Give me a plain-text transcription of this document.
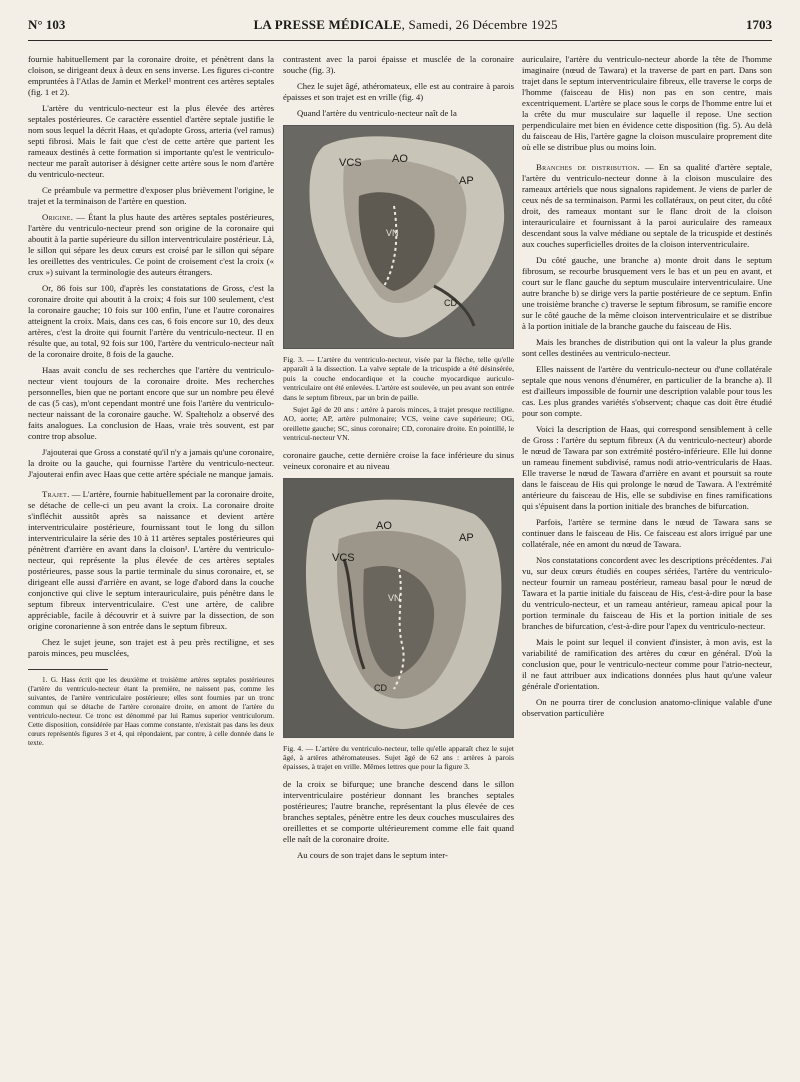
N° 103	LA PRESSE MÉDICALE, Samedi, 26 Décembre 1925	1703

fournie habituellement par la coronaire droite, et pénètrent dans la cloison, se dirigeant deux à deux en sens inverse. Les figures ci-contre empruntées à l'Atlas de Jamin et Merkel¹ montrent ces artères septales (fig. 1 et 2).

L'artère du ventriculo-necteur est la plus élevée des artères septales postérieures. Ce caractère essentiel d'artère septale justifie le nom sous lequel la décrit Haas, et qu'adopte Gross, arteria (vel ramus) septi fibrosi. Mais le fait que c'est de cette artère que partent les rameaux destinés à cette formation si importante qu'est le ventriculo-necteur me paraît autoriser à désigner cette artère sous le nom d'artère du ventriculo-necteur.

Ce préambule va permettre d'exposer plus brièvement l'origine, le trajet et la terminaison de l'artère en question.

Origine. — Étant la plus haute des artères septales postérieures, l'artère du ventriculo-necteur prend son origine de la coronaire qui aboutit à la partie supérieure du sillon interventriculaire postérieur. Là, le sillon qui sépare les deux cœurs est croisé par le sillon qui sépare les oreillettes des ventricules. Ce point de croisement c'est la croix (« crux ») suivant la terminologie des auteurs étrangers.

Or, 86 fois sur 100, d'après les constatations de Gross, c'est la coronaire droite qui aboutit à la croix; 4 fois sur 100 seulement, c'est la coronaire gauche; 10 fois sur 100 enfin, l'une et l'autre coronaires atteignent la croix. Mais, dans ces cas, 6 fois encore sur 10, des deux artères, c'est la droite qui fournit l'artère du ventriculo-necteur. Il en résulte que, au total, 92 fois sur 100, l'artère du ventriculo-necteur naît de la coronaire droite, 8 fois de la gauche.

Haas avait conclu de ses recherches que l'artère du ventriculo-necteur vient toujours de la coronaire droite. Mes recherches personnelles, bien que ne portant encore que sur un nombre peu élevé de cas (5 cas), m'ont cependant montré une fois l'artère du ventriculo-necteur naissant de la coronaire gauche. W. Spalteholz a observé des faits analogues. La conclusion de Haas, vraie très souvent, est par contre trop absolue.

J'ajouterai que Gross a constaté qu'il n'y a jamais qu'une coronaire, la droite ou la gauche, qui fournisse l'artère du ventriculo-necteur. J'ajouterai enfin avec Haas que cette artère spéciale ne manque jamais.

Trajet. — L'artère, fournie habituellement par la coronaire droite, se détache de celle-ci un peu avant la croix. La coronaire droite s'infléchit aussitôt après sa naissance et devient artère interventriculaire postérieure, fournissant tout le long du sillon interventriculaire la série des 10 à 11 artères septales postérieures qui pénètrent d'arrière en avant dans la cloison¹. L'artère du ventriculo-necteur, qui représente la plus élevée de ces artères septales postérieures, passe sous la partie terminale du sinus coronaire, et, se dirigeant elle aussi d'arrière en avant, se loge d'abord dans la couche conjonctive qui clive le septum interauriculaire, puis pénètre dans le septum fibreux interventriculaire. C'est une artère, de calibre appréciable, facile à découvrir et à suivre par la dissection, de son origine coronarienne à son entrée dans le septum fibreux.

Chez le sujet jeune, son trajet est à peu près rectiligne, et ses parois minces, peu musclées,

1. G. Hass écrit que les deuxième et troisième artères septales postérieures (l'artère du ventriculo-necteur étant la première, ne naissent pas, comme les suivantes, de l'artère ventriculaire postérieure; elles sont fournies par un tronc commun qui se détache de l'artère coronaire droite, en amont de l'artère du ventriculo-necteur. Ce tronc est dénommé par lui Ramus superior ventriculorum. Cette disposition, considérée par Haas comme constante, n'existait pas dans les deux cœurs représentés figures 3 et 4, qui répondaient, par contre, à celle donnée dans le texte.

contrastent avec la paroi épaisse et musclée de la coronaire souche (fig. 3).

Chez le sujet âgé, athéromateux, elle est au contraire à parois épaisses et son trajet est en vrille (fig. 4)

Quand l'artère du ventriculo-necteur naît de la

VCS	AO
AP
VN
CD
Fig. 3. — L'artère du ventriculo-necteur, visée par la flèche, telle qu'elle apparaît à la dissection. La valve septale de la tricuspide a été désinsérée, puis la couche endocardique et la couche myocardique auriculo-ventriculaire ont été enlevées. L'artère est soulevée, un peu avant son entrée dans le septum fibreux, par un brin de paille.
Sujet âgé de 20 ans : artère à parois minces, à trajet presque rectiligne. AO, aorte; AP, artère pulmonaire; VCS, veine cave supérieure; OG, oreillette gauche; SC, sinus coronaire; CD, coronaire droite. En pointillé, le ventricul-necteur VN.

coronaire gauche, cette dernière croise la face inférieure du sinus veineux coronaire et au niveau

AO
VCS
AP
VN
CD
Fig. 4. — L'artère du ventriculo-necteur, telle qu'elle apparaît chez le sujet âgé, à artères athéromateuses. Sujet âgé de 62 ans : artères à parois épaisses, à trajet en vrille. Mêmes lettres que pour la figure 3.

de la croix se bifurque; une branche descend dans le sillon interventriculaire postérieur donnant les branches septales postérieures; l'autre branche, représentant la plus élevée de ces branches septales, pénètre entre les deux couches musculaires des oreillettes et se comporte ultérieurement comme elle fait quand elle naît de la coronaire droite.

Au cours de son trajet dans le septum inter-

auriculaire, l'artère du ventriculo-necteur aborde la tête de l'homme imaginaire (nœud de Tawara) et la traverse de part en part. Dans son trajet dans le septum interventriculaire fibreux, elle traverse le corps de l'homme (faisceau de His) non pas en son centre, mais excentriquement. L'artère se place sous le corps de l'homme entre lui et la crête du mur musculaire sur laquelle il repose. Une section perpendiculaire met bien en évidence cette disposition (fig. 5). Au delà du faisceau de His, l'artère gagne la cloison musculaire proprement dite où elle se distribue plus ou moins loin.

Branches de distribution. — En sa qualité d'artère septale, l'artère du ventriculo-necteur donne à la cloison musculaire des rameaux artériels que nous signalons rapidement. Je viens de parler de ceux nés de sa terminaison. Parmi les collatéraux, on peut citer, du côté droit, des rameaux montant sur le flanc droit de la cloison interauriculaire et fournissant à la paroi auriculaire des rameaux descendant sous la valve médiane ou septale de la tricuspide et destinés aux couches superficielles droites de la cloison interventriculaire.

Du côté gauche, une branche a) monte droit dans le septum fibrosum, se recourbe brusquement vers le bas et un peu en avant, et court sur le flanc gauche du septum musculaire interventriculaire. Une autre branche b) se dirige vers la partie postérieure de ce septum. Enfin une troisième branche c) traverse le septum fibrosum, se ramifie encore sur le côté gauche de la même cloison interventriculaire et se distribue à la portion initiale de la branche gauche du faisceau de His.

Mais les branches de distribution qui ont la valeur la plus grande sont celles destinées au ventriculo-necteur.

Elles naissent de l'artère du ventriculo-necteur ou d'une collatérale septale que nous venons d'énumérer, en particulier de la branche a). Il est d'ailleurs impossible de fournir une description valable pour tous les cas. Les plus grandes variétés s'observent; chaque cas doit être étudié pour son compte.

Voici la description de Haas, qui correspond sensiblement à celle de Gross : l'artère du septum fibreux (A du ventriculo-necteur) aborde le nœud de Tawara par son extrémité postéro-inférieure. Elle lui donne un rameau finement subdivisé, ramus nodi atrio-ventricularis de Haas. Elle traverse le nœud de Tawara d'arrière en avant et poursuit sa route dans le faisceau de His qui prolonge le nœud de Tawara. A l'extrémité antérieure du faisceau de His, elle se subdivise en fines ramifications qui s'épuisent dans la portion initiale des branches de bifurcation.

Parfois, l'artère se termine dans le nœud de Tawara sans se continuer dans le faisceau de His. Ce faisceau est alors irrigué par une collatérale, née en amont du nœud de Tawara.

Nos constatations concordent avec les descriptions précédentes. J'ai vu, sur deux cœurs étudiés en coupes sériées, l'artère du ventriculo-necteur fournir un rameau postérieur, rameau basal pour le nœud de Tawara et la partie initiale du faisceau de His, c'est-à-dire pour la base du ventriculo-necteur, et un rameau antérieur, rameau apical pour la portion terminale du faisceau de His et la portion initiale de ses branches de bifurcation, c'est-à-dire pour l'apex du ventriculo-necteur.

Mais le point sur lequel il convient d'insister, à mon avis, est la variabilité de ramification des artères du cœur en général. D'où la conclusion que, pour le ventriculo-necteur comme pour l'atrio-necteur, il ne faut attribuer aux indications données plus haut qu'une valeur générale d'orientation.

On ne pourra tirer de conclusion anatomo-clinique valable d'une observation particulière
